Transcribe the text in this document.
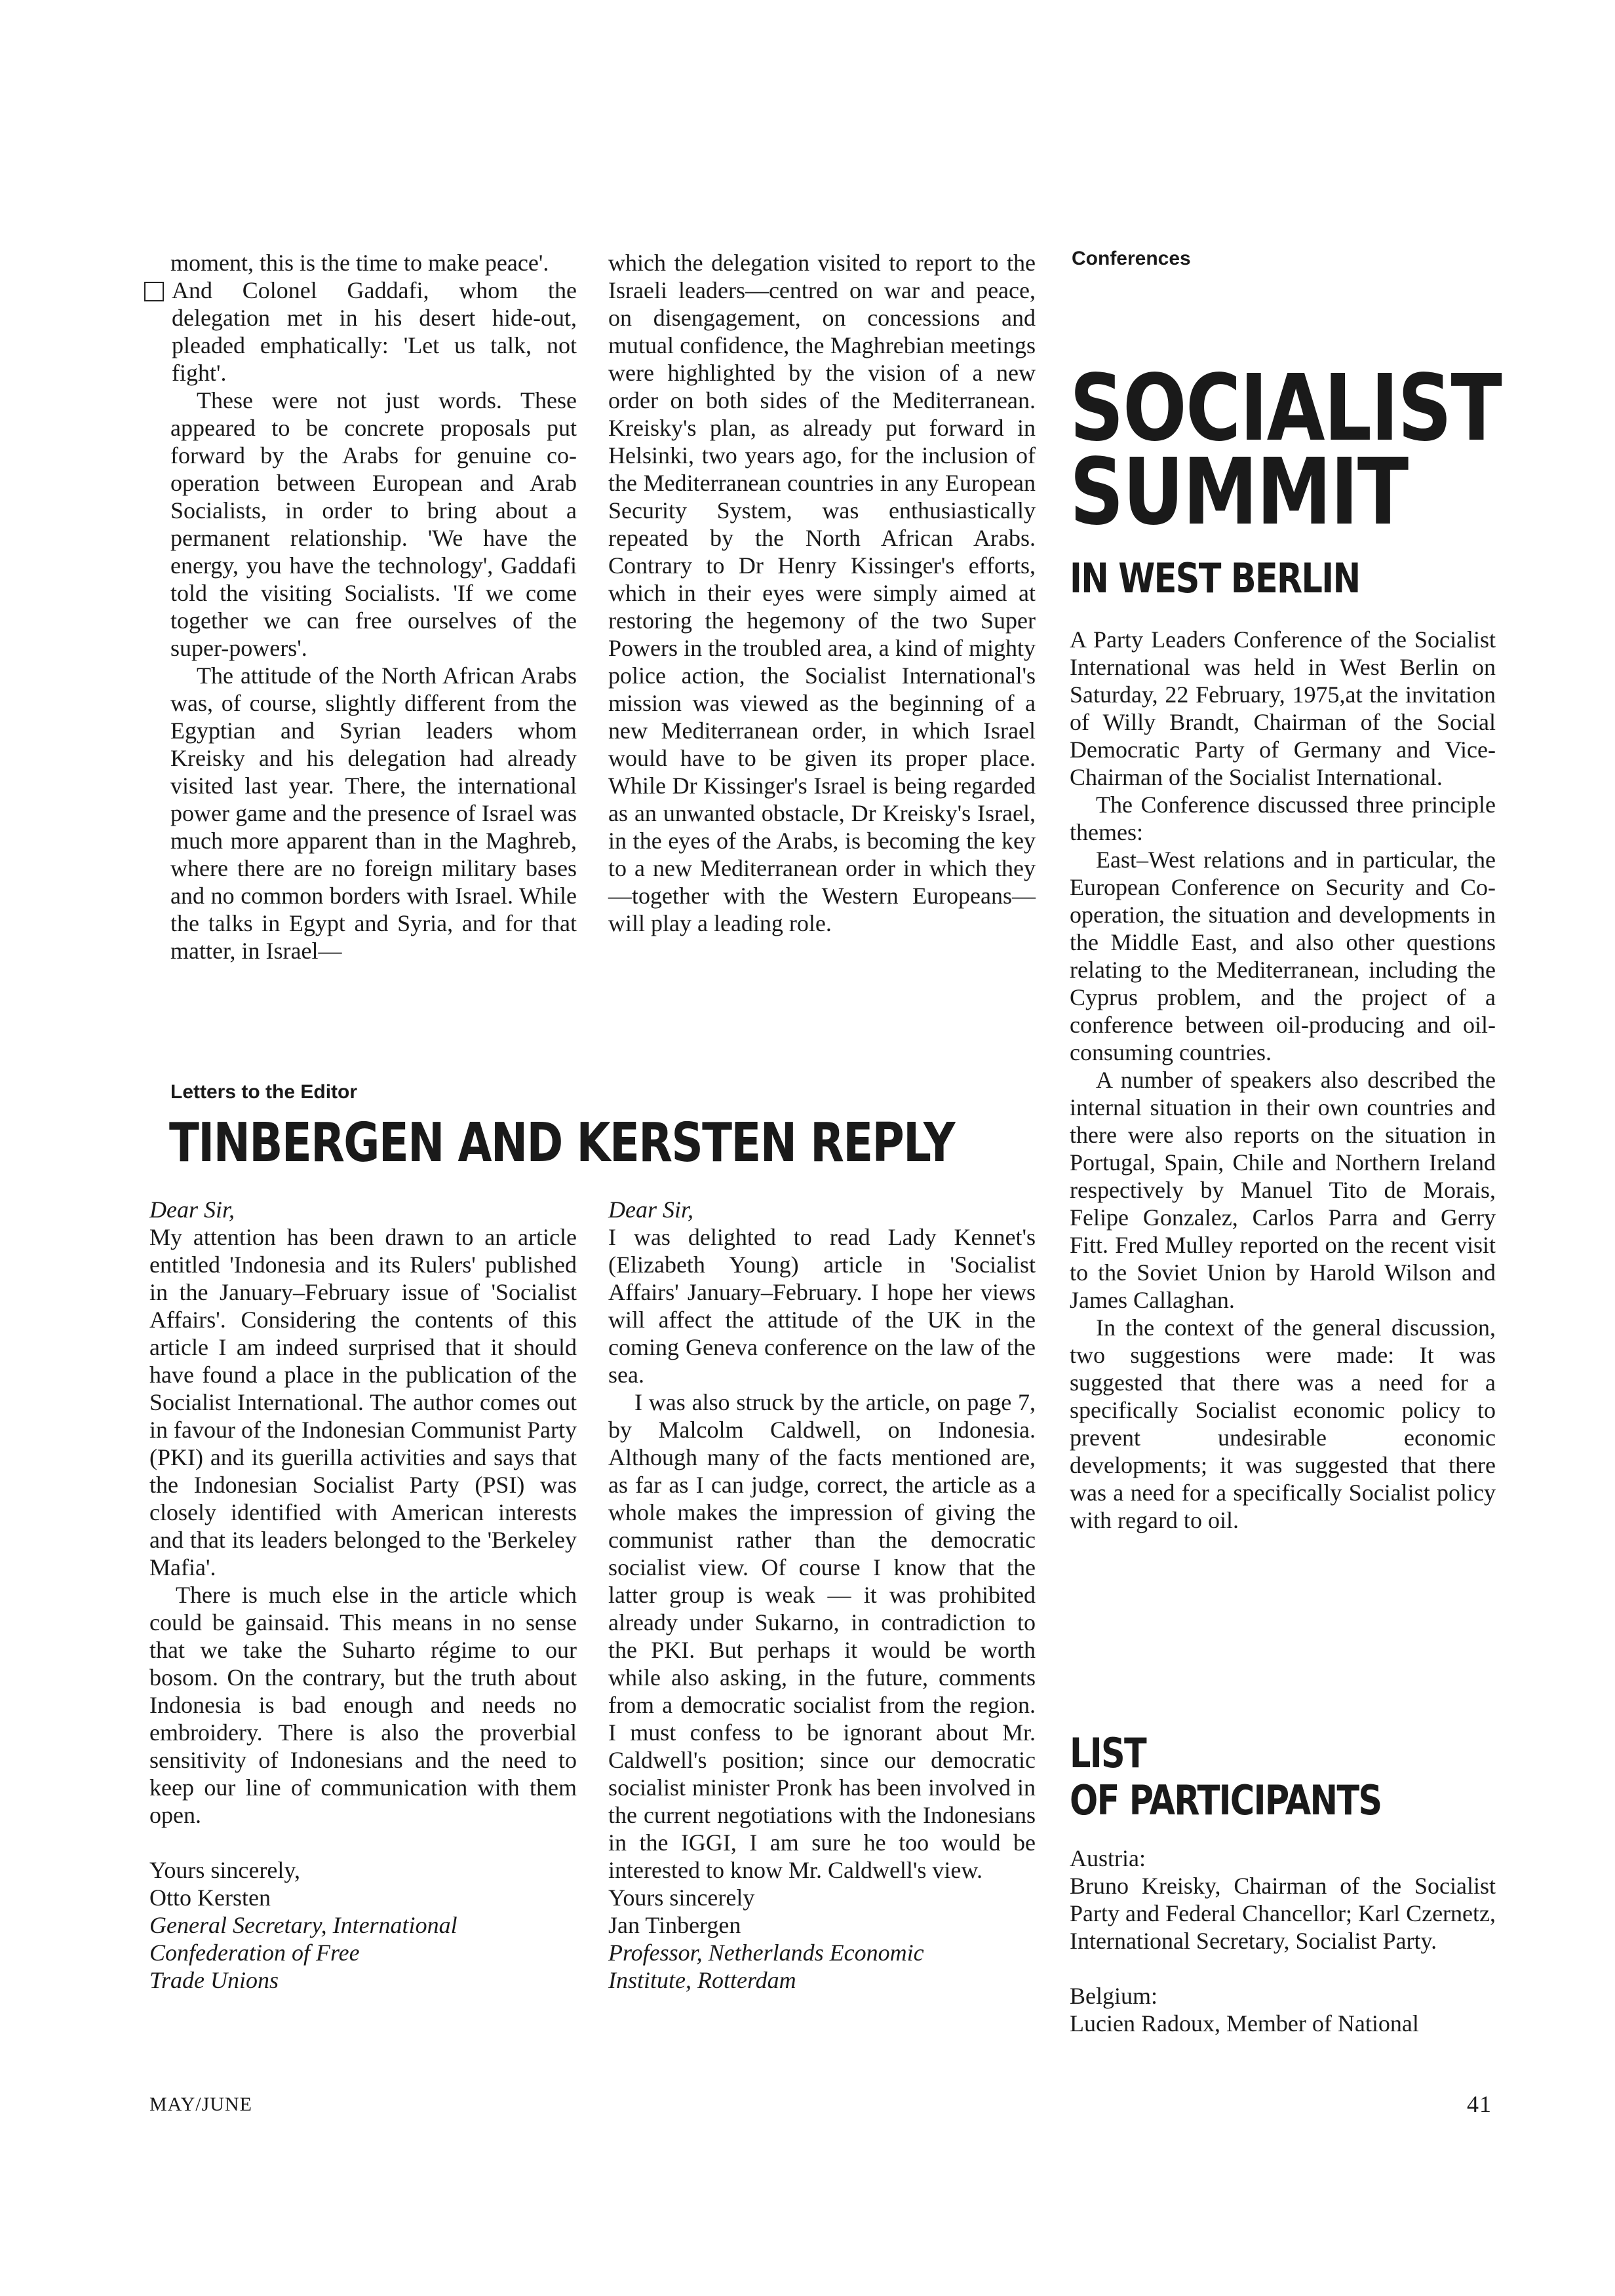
moment, this is the time to make peace'.

And Colonel Gaddafi, whom the delegation met in his desert hide-out, pleaded emphatically: 'Let us talk, not fight'.

These were not just words. These appeared to be concrete proposals put forward by the Arabs for genuine co-operation between European and Arab Socialists, in order to bring about a permanent relationship. 'We have the energy, you have the technology', Gaddafi told the visiting Socialists. 'If we come together we can free ourselves of the super-powers'.

The attitude of the North African Arabs was, of course, slightly different from the Egyptian and Syrian leaders whom Kreisky and his delegation had already visited last year. There, the international power game and the presence of Israel was much more apparent than in the Maghreb, where there are no foreign military bases and no common borders with Israel. While the talks in Egypt and Syria, and for that matter, in Israel—

which the delegation visited to report to the Israeli leaders—centred on war and peace, on disengagement, on concessions and mutual confidence, the Maghrebian meetings were highlighted by the vision of a new order on both sides of the Mediterranean. Kreisky's plan, as already put forward in Helsinki, two years ago, for the inclusion of the Mediterranean countries in any European Security System, was enthusiastically repeated by the North African Arabs. Contrary to Dr Henry Kissinger's efforts, which in their eyes were simply aimed at restoring the hegemony of the two Super Powers in the troubled area, a kind of mighty police action, the Socialist International's mission was viewed as the beginning of a new Mediterranean order, in which Israel would have to be given its proper place. While Dr Kissinger's Israel is being regarded as an unwanted obstacle, Dr Kreisky's Israel, in the eyes of the Arabs, is becoming the key to a new Mediterranean order in which they—together with the Western Europeans—will play a leading role.

Letters to the Editor
TINBERGEN AND KERSTEN REPLY

Dear Sir,

My attention has been drawn to an article entitled 'Indonesia and its Rulers' published in the January–February issue of 'Socialist Affairs'. Considering the contents of this article I am indeed surprised that it should have found a place in the publication of the Socialist International. The author comes out in favour of the Indonesian Communist Party (PKI) and its guerilla activities and says that the Indonesian Socialist Party (PSI) was closely identified with American interests and that its leaders belonged to the 'Berkeley Mafia'.

There is much else in the article which could be gainsaid. This means in no sense that we take the Suharto régime to our bosom. On the contrary, but the truth about Indonesia is bad enough and needs no embroidery. There is also the proverbial sensitivity of Indonesians and the need to keep our line of communication with them open.

Yours sincerely,

Otto Kersten

General Secretary, International

Confederation of Free

Trade Unions

Dear Sir,

I was delighted to read Lady Kennet's (Elizabeth Young) article in 'Socialist Affairs' January–February. I hope her views will affect the attitude of the UK in the coming Geneva conference on the law of the sea.

I was also struck by the article, on page 7, by Malcolm Caldwell, on Indonesia. Although many of the facts mentioned are, as far as I can judge, correct, the article as a whole makes the impression of giving the communist rather than the democratic socialist view. Of course I know that the latter group is weak — it was prohibited already under Sukarno, in contradiction to the PKI. But perhaps it would be worth while also asking, in the future, comments from a democratic socialist from the region. I must confess to be ignorant about Mr. Caldwell's position; since our democratic socialist minister Pronk has been involved in the current negotiations with the Indonesians in the IGGI, I am sure he too would be interested to know Mr. Caldwell's view.

Yours sincerely

Jan Tinbergen

Professor, Netherlands Economic

Institute, Rotterdam

Conferences
SOCIALIST
SUMMIT
IN WEST BERLIN

A Party Leaders Conference of the Socialist International was held in West Berlin on Saturday, 22 February, 1975,at the invitation of Willy Brandt, Chairman of the Social Democratic Party of Germany and Vice-Chairman of the Socialist International.

The Conference discussed three principle themes:

East–West relations and in particular, the European Conference on Security and Co-operation, the situation and developments in the Middle East, and also other questions relating to the Mediterranean, including the Cyprus problem, and the project of a conference between oil-producing and oil-consuming countries.

A number of speakers also described the internal situation in their own countries and there were also reports on the situation in Portugal, Spain, Chile and Northern Ireland respectively by Manuel Tito de Morais, Felipe Gonzalez, Carlos Parra and Gerry Fitt. Fred Mulley reported on the recent visit to the Soviet Union by Harold Wilson and James Callaghan.

In the context of the general discussion, two suggestions were made: It was suggested that there was a need for a specifically Socialist economic policy to prevent undesirable economic developments; it was suggested that there was a need for a specifically Socialist policy with regard to oil.

LIST
OF PARTICIPANTS

Austria:

Bruno Kreisky, Chairman of the Socialist Party and Federal Chancellor; Karl Czernetz, International Secretary, Socialist Party.

Belgium:

Lucien Radoux, Member of National

MAY/JUNE	41
